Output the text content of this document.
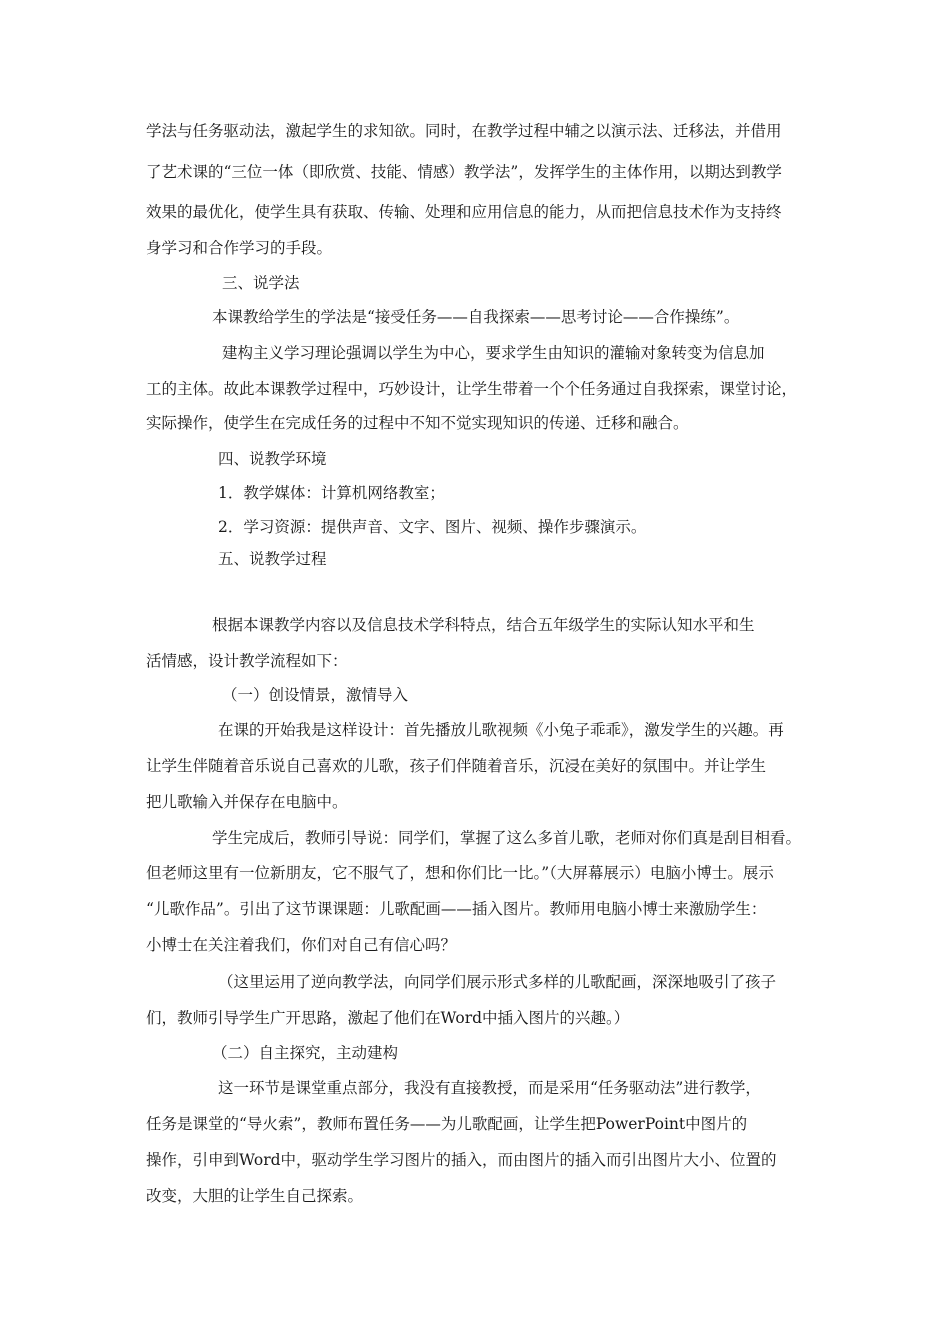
学法与任务驱动法，激起学生的求知欲。同时，在教学过程中辅之以演示法、迁移法，并借用
了艺术课的“三位一体（即欣赏、技能、情感）教学法”，发挥学生的主体作用，以期达到教学
效果的最优化，使学生具有获取、传输、处理和应用信息的能力，从而把信息技术作为支持终
身学习和合作学习的手段。
三、说学法
本课教给学生的学法是“接受任务——自我探索——思考讨论——合作操练”。
建构主义学习理论强调以学生为中心，要求学生由知识的灌输对象转变为信息加
工的主体。故此本课教学过程中，巧妙设计，让学生带着一个个任务通过自我探索，课堂讨论，
实际操作，使学生在完成任务的过程中不知不觉实现知识的传递、迁移和融合。
四、说教学环境
1．教学媒体：计算机网络教室；
2．学习资源：提供声音、文字、图片、视频、操作步骤演示。
五、说教学过程
根据本课教学内容以及信息技术学科特点，结合五年级学生的实际认知水平和生
活情感，设计教学流程如下：
（一）创设情景，激情导入
在课的开始我是这样设计：首先播放儿歌视频《小兔子乖乖》，激发学生的兴趣。再
让学生伴随着音乐说自己喜欢的儿歌，孩子们伴随着音乐，沉浸在美好的氛围中。并让学生
把儿歌输入并保存在电脑中。
学生完成后，教师引导说：同学们，掌握了这么多首儿歌，老师对你们真是刮目相看。
但老师这里有一位新朋友，它不服气了，想和你们比一比。”（大屏幕展示）电脑小博士。展示
“儿歌作品”。引出了这节课课题：儿歌配画——插入图片。教师用电脑小博士来激励学生：
小博士在关注着我们，你们对自己有信心吗？
（这里运用了逆向教学法，向同学们展示形式多样的儿歌配画，深深地吸引了孩子
们，教师引导学生广开思路，激起了他们在Word中插入图片的兴趣。）
（二）自主探究，主动建构
这一环节是课堂重点部分，我没有直接教授，而是采用“任务驱动法”进行教学，
任务是课堂的“导火索”，教师布置任务——为儿歌配画，让学生把PowerPoint中图片的
操作，引申到Word中，驱动学生学习图片的插入，而由图片的插入而引出图片大小、位置的
改变，大胆的让学生自己探索。
